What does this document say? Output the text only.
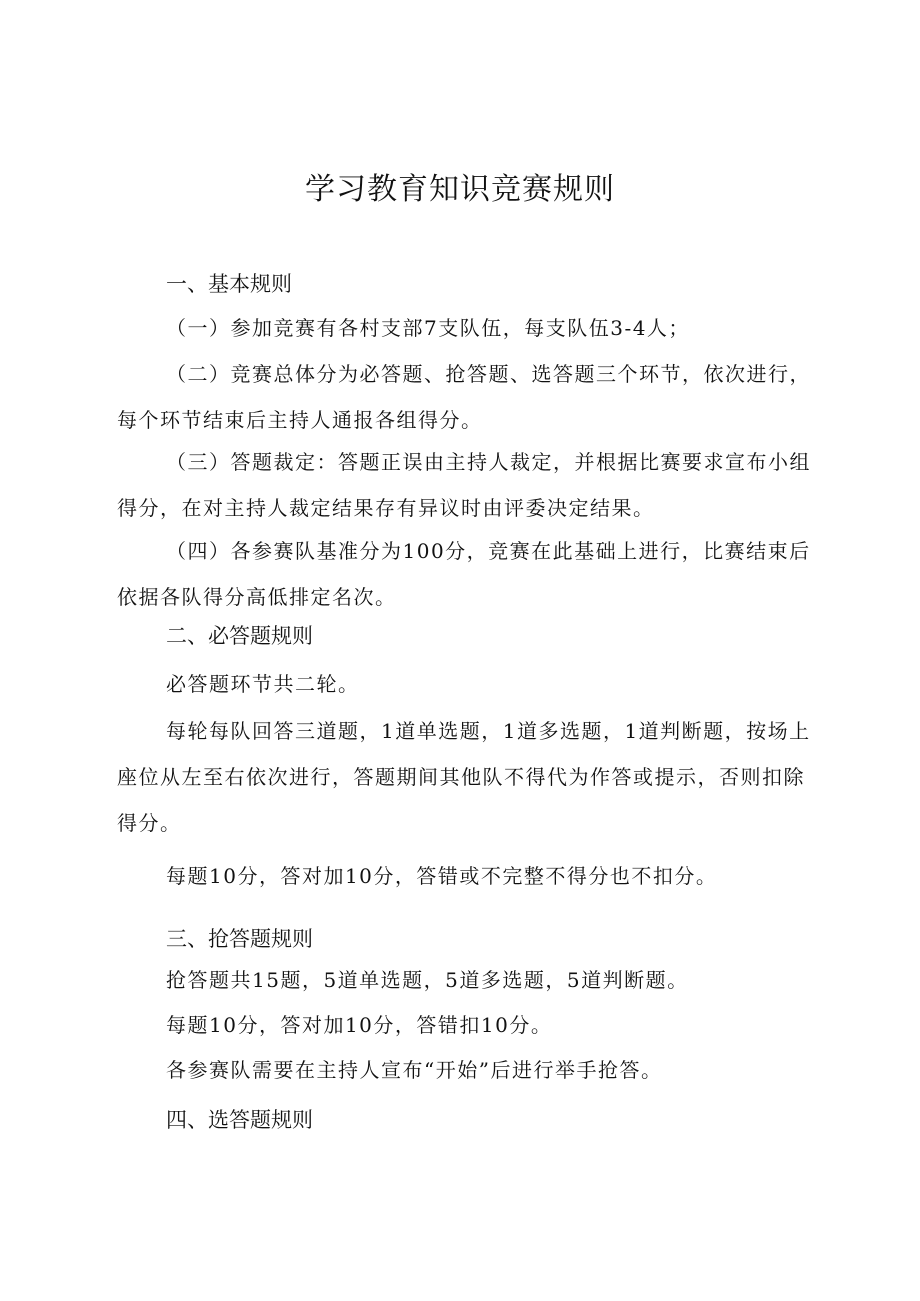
学习教育知识竞赛规则
一、基本规则
（一）参加竞赛有各村支部7支队伍，每支队伍3-4人；
（二）竞赛总体分为必答题、抢答题、选答题三个环节，依次进行，每个环节结束后主持人通报各组得分。
（三）答题裁定：答题正误由主持人裁定，并根据比赛要求宣布小组得分，在对主持人裁定结果存有异议时由评委决定结果。
（四）各参赛队基准分为100分，竞赛在此基础上进行，比赛结束后依据各队得分高低排定名次。
二、必答题规则
必答题环节共二轮。
每轮每队回答三道题，1道单选题，1道多选题，1道判断题，按场上座位从左至右依次进行，答题期间其他队不得代为作答或提示，否则扣除得分。
每题10分，答对加10分，答错或不完整不得分也不扣分。
三、抢答题规则
抢答题共15题，5道单选题，5道多选题，5道判断题。
每题10分，答对加10分，答错扣10分。
各参赛队需要在主持人宣布“开始”后进行举手抢答。
四、选答题规则
